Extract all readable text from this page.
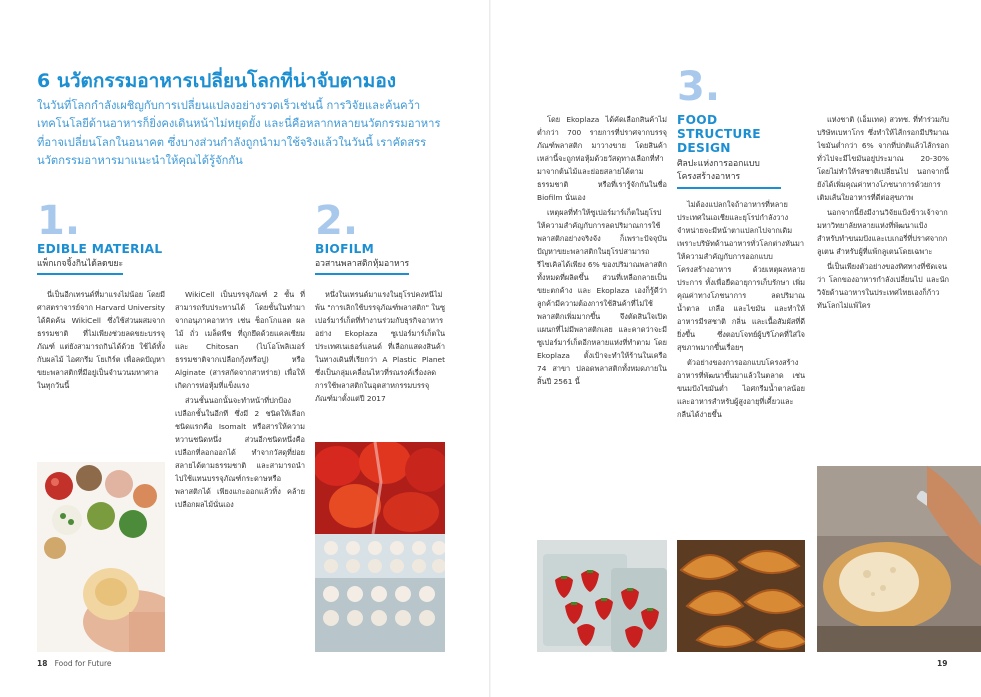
6 นวัตกรรมอาหารเปลี่ยนโลกที่น่าจับตามอง
ในวันที่โลกกำลังเผชิญกับการเปลี่ยนแปลงอย่างรวดเร็วเช่นนี้ การวิจัยและค้นคว้าเทคโนโลยีด้านอาหารก็ยิ่งคงเดินหน้าไม่หยุดยั้ง และนี่คือหลากหลายนวัตกรรมอาหารที่อาจเปลี่ยนโลกในอนาคต ซึ่งบางส่วนกำลังถูกนำมาใช้จริงแล้วในวันนี้ เราคัดสรรนวัตกรรมอาหารมาแนะนำให้คุณได้รู้จักกัน
1.
EDIBLE MATERIAL
แพ็กเกจจิ้งกินได้ลดขยะ

นี่เป็นอีกเทรนด์ที่มาแรงไม่น้อย โดยมีศาสตราจารย์จาก Harvard University ได้คิดค้น WikiCell ซึ่งใช้ส่วนผสมจากธรรมชาติ ที่ไม่เพียงช่วยลดขยะบรรจุภัณฑ์ แต่ยังสามารถกินได้ด้วย ใช้ได้ทั้งกับผลไม้ ไอศกรีม โยเกิร์ต เพื่อลดปัญหาขยะพลาสติกที่มีอยู่เป็นจำนวนมหาศาลในทุกวันนี้

WikiCell เป็นบรรจุภัณฑ์ 2 ชั้น ที่สามารถรับประทานได้ โดยชั้นในทำมาจากอนุภาคอาหาร เช่น ช็อกโกแลต ผลไม้ ถั่ว เมล็ดพืช ที่ถูกยึดด้วยแคลเซียมและ Chitosan (ไบโอโพลิเมอร์ธรรมชาติจากเปลือกกุ้งหรือปู) หรือ Alginate (สารสกัดจากสาหร่าย) เพื่อให้เกิดการห่อหุ้มที่แข็งแรง

ส่วนชั้นนอกนั้นจะทำหน้าที่ปกป้องเปลือกชั้นในอีกที ซึ่งมี 2 ชนิดให้เลือก ชนิดแรกคือ Isomalt หรือสารให้ความหวานชนิดหนึ่ง ส่วนอีกชนิดหนึ่งคือเปลือกที่ลอกออกได้ ทำจากวัสดุที่ย่อยสลายได้ตามธรรมชาติ และสามารถนำไปใช้แทนบรรจุภัณฑ์กระดาษหรือพลาสติกได้ เพียงแกะออกแล้วทิ้ง คล้ายเปลือกผลไม้นั่นเอง

2.
BIOFILM
อวสานพลาสติกหุ้มอาหาร

หนึ่งในเทรนด์มาแรงในยุโรปคงหนีไม่พ้น "การเลิกใช้บรรจุภัณฑ์พลาสติก" ในซูเปอร์มาร์เก็ตที่ทำงานร่วมกับธุรกิจอาหาร อย่าง Ekoplaza ซูเปอร์มาร์เก็ตในประเทศเนเธอร์แลนด์ ที่เลือกแสดงสินค้าในทางเดินที่เรียกว่า A Plastic Planet ซึ่งเป็นกลุ่มเคลื่อนไหวที่รณรงค์เรื่องลดการใช้พลาสติกในอุตสาหกรรมบรรจุภัณฑ์มาตั้งแต่ปี 2017

18 Food for Future

โดย Ekoplaza ได้คัดเลือกสินค้าไม่ต่ำกว่า 700 รายการที่ปราศจากบรรจุภัณฑ์พลาสติก มาวางขาย โดยสินค้าเหล่านี้จะถูกห่อหุ้มด้วยวัสดุทางเลือกที่ทำมาจากต้นไม้และย่อยสลายได้ตามธรรมชาติ หรือที่เรารู้จักกันในชื่อ Biofilm นั่นเอง

เหตุผลที่ทำให้ซูเปอร์มาร์เก็ตในยุโรปให้ความสำคัญกับการลดปริมาณการใช้พลาสติกอย่างจริงจัง ก็เพราะปัจจุบันปัญหาขยะพลาสติกในยุโรปสามารถรีไซเคิลได้เพียง 6% ของปริมาณพลาสติกทั้งหมดที่ผลิตขึ้น ส่วนที่เหลือกลายเป็นขยะตกค้าง และ Ekoplaza เองก็รู้ดีว่าลูกค้ามีความต้องการใช้สินค้าที่ไม่ใช้พลาสติกเพิ่มมากขึ้น จึงตัดสินใจเปิดแผนกที่ไม่มีพลาสติกเลย และคาดว่าจะมีซูเปอร์มาร์เก็ตอีกหลายแห่งที่ทำตาม โดย Ekoplaza ตั้งเป้าจะทำให้ร้านในเครือ 74 สาขา ปลอดพลาสติกทั้งหมดภายในสิ้นปี 2561 นี้

3.
FOOD STRUCTURE DESIGN
ศิลปะแห่งการออกแบบโครงสร้างอาหาร

ไม่ต้องแปลกใจถ้าอาหารที่หลายประเทศในเอเชียและยุโรปกำลังวางจำหน่ายจะมีหน้าตาแปลกไปจากเดิม เพราะบริษัทด้านอาหารทั่วโลกต่างหันมาให้ความสำคัญกับการออกแบบโครงสร้างอาหาร ด้วยเหตุผลหลายประการ ทั้งเพื่อยืดอายุการเก็บรักษา เพิ่มคุณค่าทางโภชนาการ ลดปริมาณน้ำตาล เกลือ และไขมัน และทำให้อาหารมีรสชาติ กลิ่น และเนื้อสัมผัสที่ดียิ่งขึ้น ซึ่งตอบโจทย์ผู้บริโภคที่ใส่ใจสุขภาพมากขึ้นเรื่อยๆ

ตัวอย่างของการออกแบบโครงสร้างอาหารที่พัฒนาขึ้นมาแล้วในตลาด เช่น ขนมปังไขมันต่ำ ไอศกรีมน้ำตาลน้อย และอาหารสำหรับผู้สูงอายุที่เคี้ยวและกลืนได้ง่ายขึ้น

แห่งชาติ (เอ็มเทค) สวทช. ที่ทำร่วมกับบริษัทเบทาโกร ซึ่งทำให้ไส้กรอกมีปริมาณไขมันต่ำกว่า 6% จากที่ปกติแล้วไส้กรอกทั่วไปจะมีไขมันอยู่ประมาณ 20-30% โดยไม่ทำให้รสชาติเปลี่ยนไป นอกจากนี้ยังได้เพิ่มคุณค่าทางโภชนาการด้วยการเติมเส้นใยอาหารที่ดีต่อสุขภาพ

นอกจากนี้ยังมีงานวิจัยแป้งข้าวเจ้าจากมหาวิทยาลัยหลายแห่งที่พัฒนาแป้งสำหรับทำขนมปังและเบเกอรี่ที่ปราศจากกลูเตน สำหรับผู้ที่แพ้กลูเตนโดยเฉพาะ

นี่เป็นเพียงตัวอย่างของทิศทางที่ชัดเจนว่า โลกของอาหารกำลังเปลี่ยนไป และนักวิจัยด้านอาหารในประเทศไทยเองก็ก้าวทันโลกไม่แพ้ใคร

19
